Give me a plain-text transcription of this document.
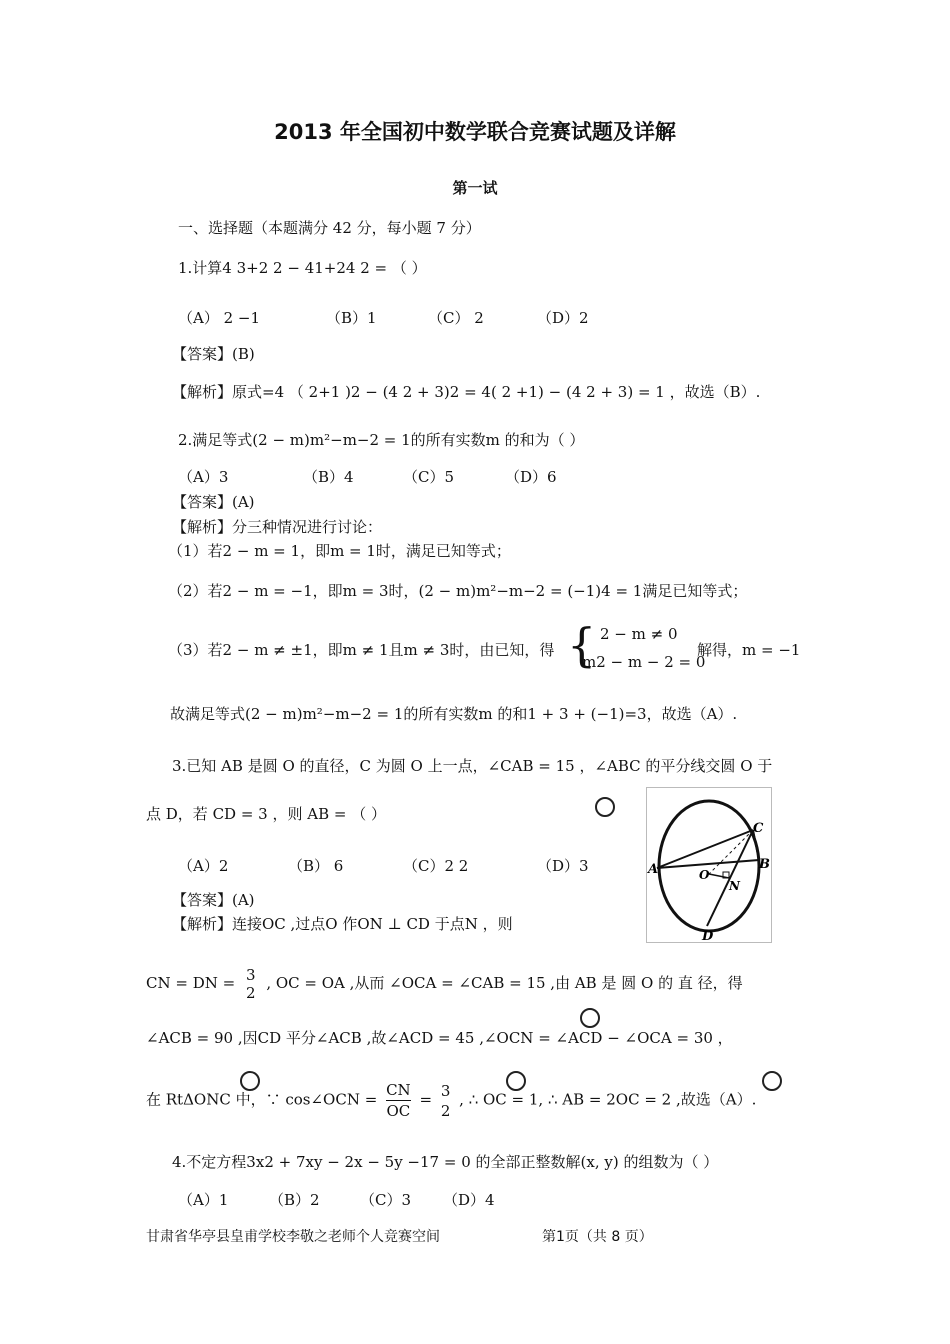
2013 年全国初中数学联合竞赛试题及详解
第一试
一、选择题（本题满分 42 分，每小题 7 分）
1.计算4 3+2 2 − 41+24 2 = （ ）
（A） 2 −1	（B）1	（C） 2	（D）2
【答案】(B)
【解析】原式=4 （ 2+1 )2 − (4 2 + 3)2 = 4( 2 +1) − (4 2 + 3) = 1 ，故选（B）.
2.满足等式(2 − m)m²−m−2 = 1的所有实数m 的和为（ ）
（A）3	（B）4	（C）5	（D）6
【答案】(A)
【解析】分三种情况进行讨论：
（1）若2 − m = 1，即m = 1时，满足已知等式；
（2）若2 − m = −1，即m = 3时，(2 − m)m²−m−2 = (−1)4 = 1满足已知等式；
（3）若2 − m ≠ ±1，即m ≠ 1且m ≠ 3时，由已知，得 { 2 − m ≠ 0
m2 − m − 2 = 0
解得，m = −1
故满足等式(2 − m)m²−m−2 = 1的所有实数m 的和1 + 3 + (−1)=3，故选（A）.
3.已知 AB 是圆 O 的直径，C 为圆 O 上一点，∠CAB = 15 ，∠ABC 的平分线交圆 O 于
点 D，若 CD = 3 ，则 AB = （ ）
（A）2	（B） 6	（C）2 2	（D）3
【答案】(A)
【解析】连接OC ,过点O 作ON ⊥ CD 于点N ，则
CN = DN = 3
2
, OC = OA ,从而 ∠OCA = ∠CAB = 15 ,由 AB 是 圆 O 的 直 径，得
∠ACB = 90 ,因CD 平分∠ACB ,故∠ACD = 45 ,∠OCN = ∠ACD − ∠OCA = 30 ，
在 RtΔONC 中，∵ cos∠OCN = $\frac{CN}{OC} = 3$
2
, ∴ OC = 1, ∴ AB = 2OC = 2 ,故选（A）.
A	B
C
D
O
N
4.不定方程3x2 + 7xy − 2x − 5y −17 = 0 的全部正整数解(x, y) 的组数为（ ）
（A）1	（B）2	（C）3 （D）4
甘肃省华亭县皇甫学校李敬之老师个人竞赛空间	第1页（共 8 页）
